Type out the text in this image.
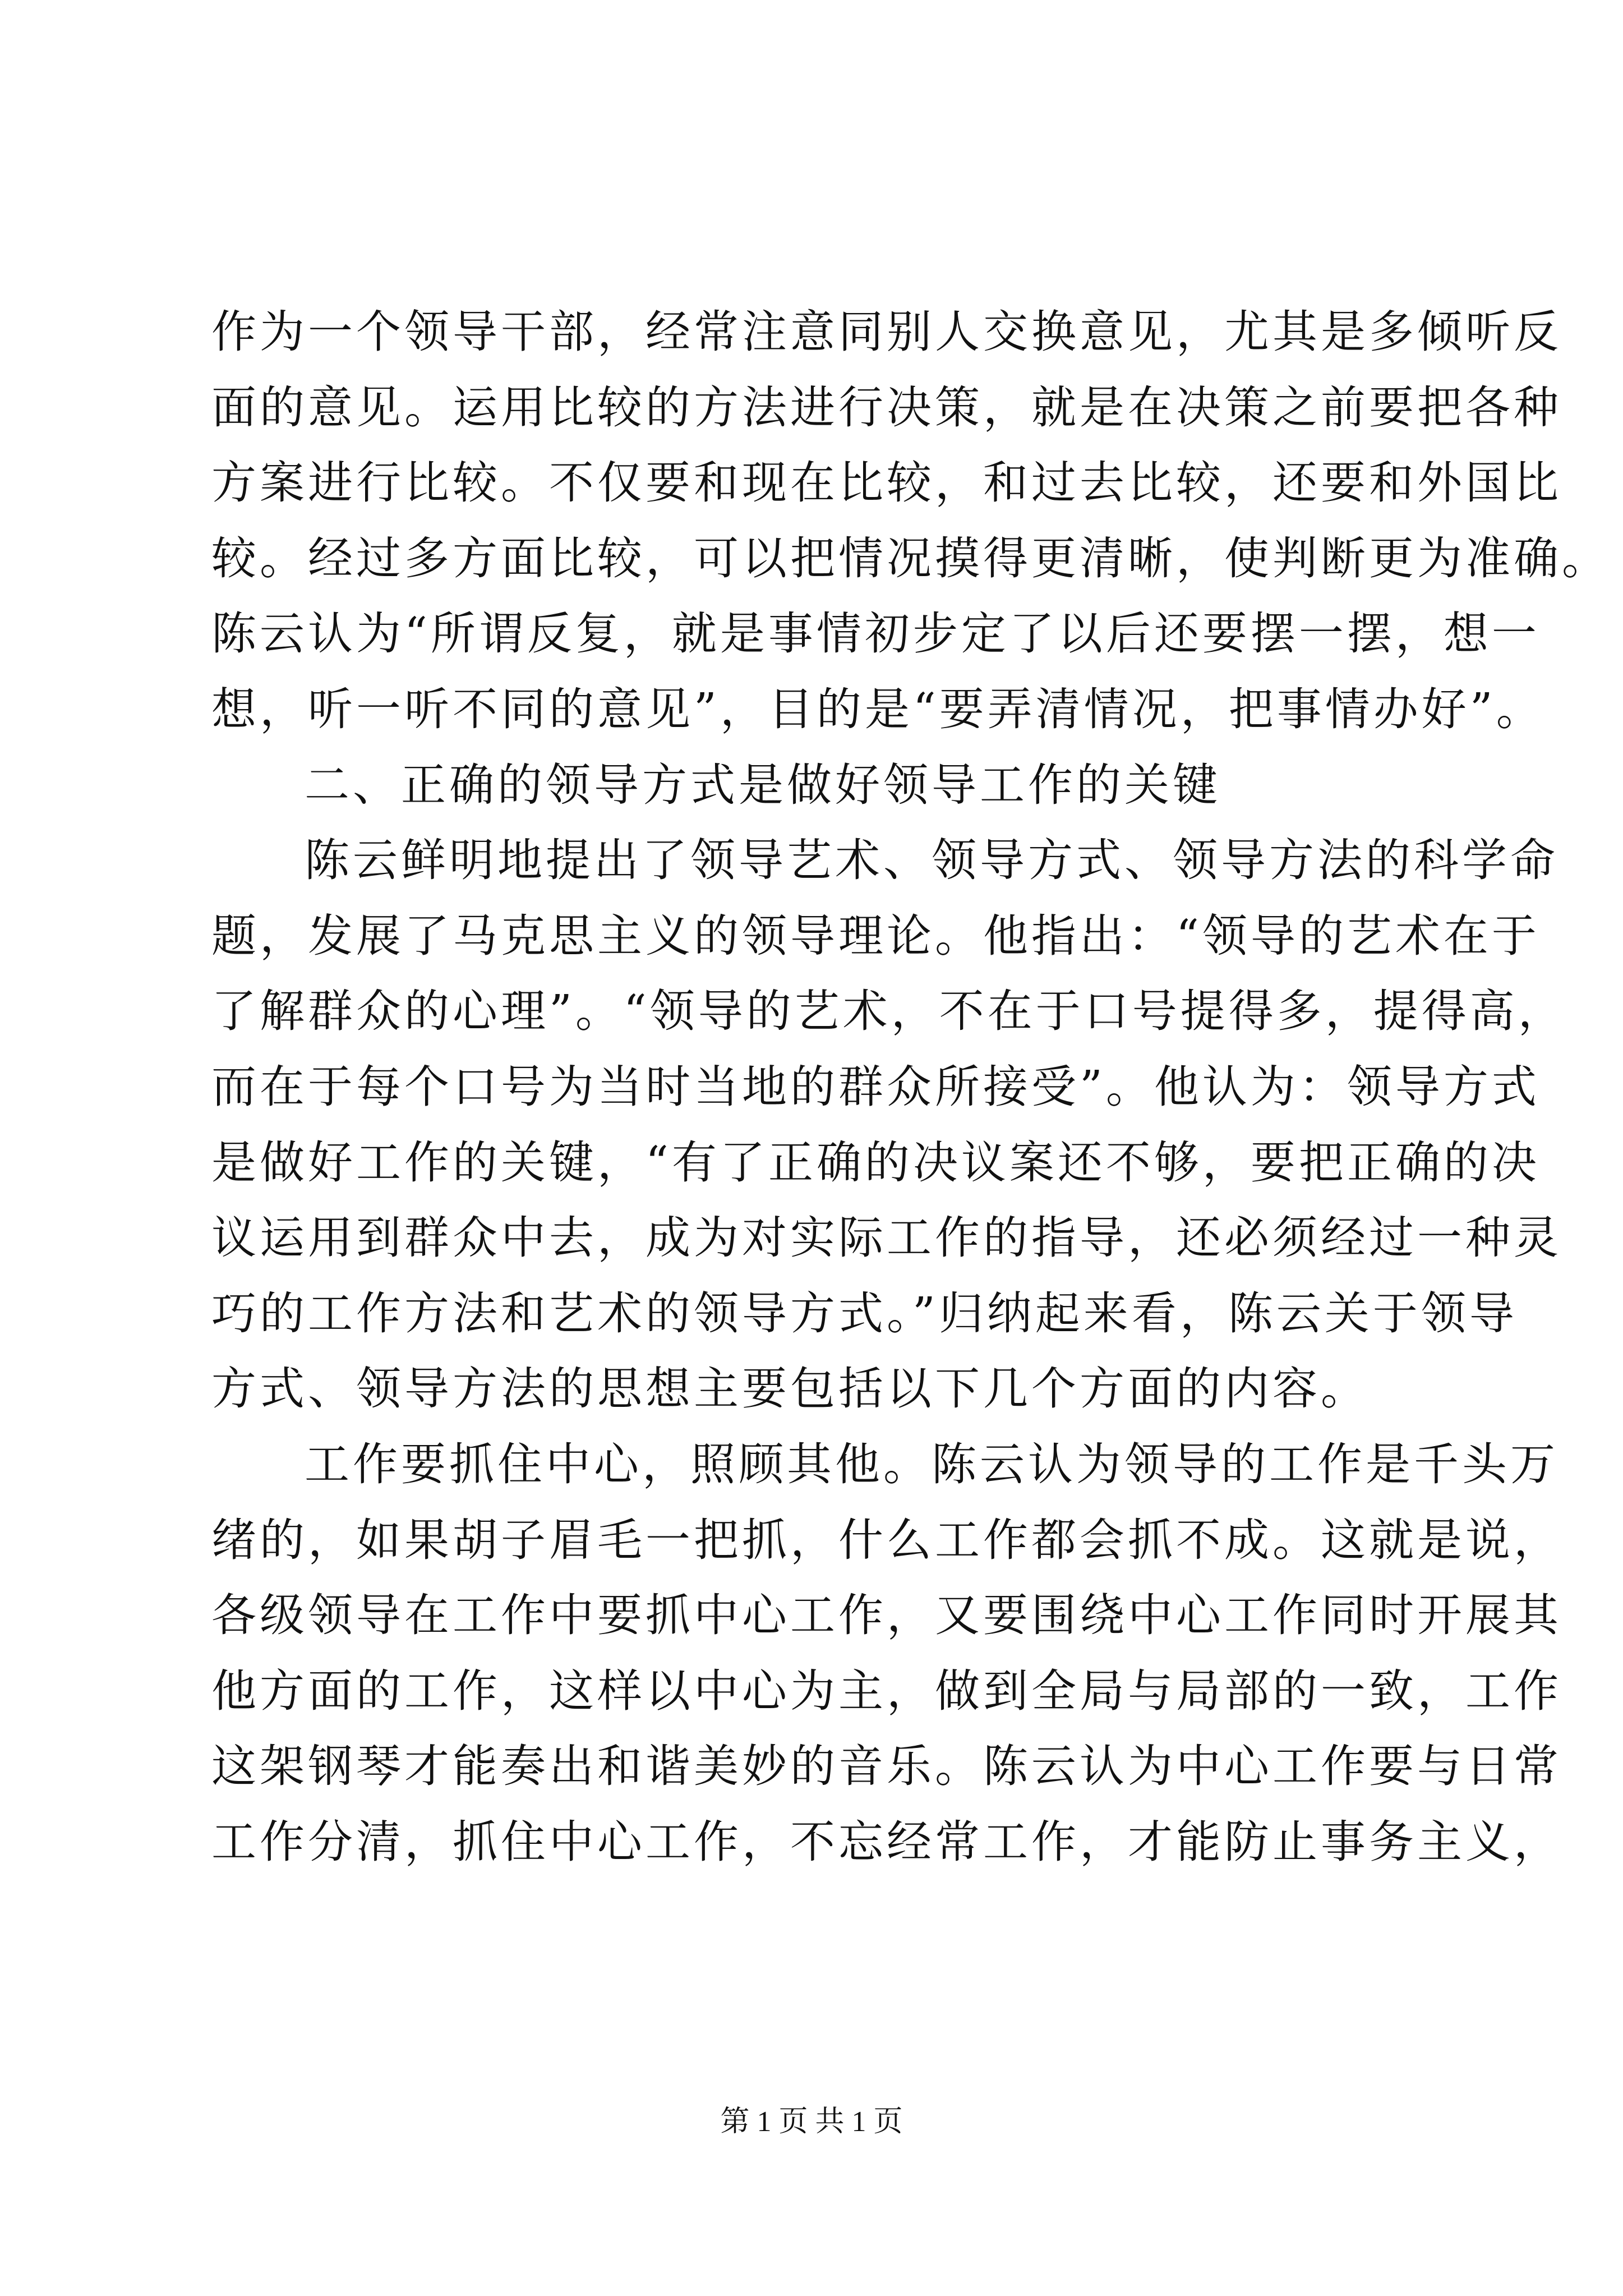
作为一个领导干部，经常注意同别人交换意见，尤其是多倾听反
面的意见。运用比较的方法进行决策，就是在决策之前要把各种
方案进行比较。不仅要和现在比较，和过去比较，还要和外国比
较。经过多方面比较，可以把情况摸得更清晰，使判断更为准确。
陈云认为“所谓反复，就是事情初步定了以后还要摆一摆，想一
想，听一听不同的意见”，目的是“要弄清情况，把事情办好”。
二、正确的领导方式是做好领导工作的关键
陈云鲜明地提出了领导艺术、领导方式、领导方法的科学命
题，发展了马克思主义的领导理论。他指出：“领导的艺术在于
了解群众的心理”。“领导的艺术，不在于口号提得多，提得高，
而在于每个口号为当时当地的群众所接受”。他认为：领导方式
是做好工作的关键，“有了正确的决议案还不够，要把正确的决
议运用到群众中去，成为对实际工作的指导，还必须经过一种灵
巧的工作方法和艺术的领导方式。”归纳起来看，陈云关于领导
方式、领导方法的思想主要包括以下几个方面的内容。
工作要抓住中心，照顾其他。陈云认为领导的工作是千头万
绪的，如果胡子眉毛一把抓，什么工作都会抓不成。这就是说，
各级领导在工作中要抓中心工作，又要围绕中心工作同时开展其
他方面的工作，这样以中心为主，做到全局与局部的一致，工作
这架钢琴才能奏出和谐美妙的音乐。陈云认为中心工作要与日常
工作分清，抓住中心工作，不忘经常工作，才能防止事务主义，
第 1 页 共 1 页
